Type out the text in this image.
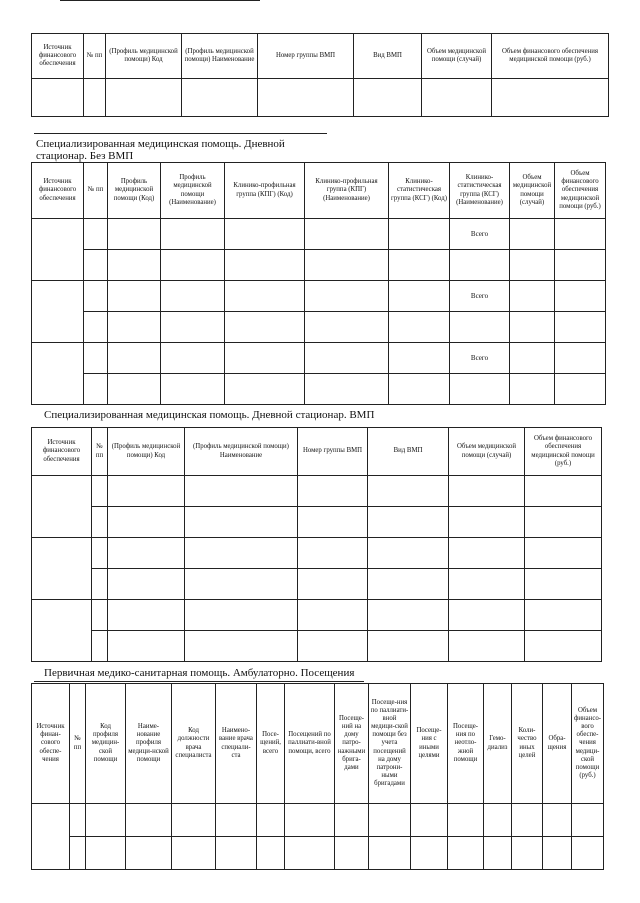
Источник финансового обеспечения	№ пп	(Профиль медицинской помощи) Код	(Профиль медицинской помощи) Наименование	Номер группы ВМП	Вид ВМП	Объем медицинской помощи (случай)	Объем финансового обеспечения медицинской помощи (руб.)

Специализированная медицинская помощь. Дневной
стационар. Без ВМП
Источник финансового обеспечения	№ пп	Профиль медицинской помощи (Код)	Профиль медицинской помощи (Наименование)	Клинико-профильная группа (КПГ) (Код)	Клинико-профильная группа (КПГ) (Наименование)	Клинико-статистическая группа (КСГ) (Код)	Клинико-статистическая группа (КСГ) (Наименование)	Объем медицинской помощи (случай)	Объем финансового обеспечения медицинской помощи (руб.)
							Всего		

							Всего		

							Всего		

Специализированная медицинская помощь. Дневной стационар. ВМП
Источник финансового обеспечения	№ пп	(Профиль медицинской помощи) Код	(Профиль медицинской помощи) Наименование	Номер группы ВМП	Вид ВМП	Объем медицинской помощи (случай)	Объем финансового обеспечения медицинской помощи (руб.)

Первичная медико-санитарная помощь. Амбулаторно. Посещения
Источник финан-сового обеспе-чения	№ пп	Код профиля медицин-ской помощи	Наиме-нование профиля медици-нской помощи	Код должности врача специалиста	Наимено-вание врача специали-ста	Посе-щений, всего	Посещений по паллиати-вной помощи, всего	Посеще-ний на дому патро-нажными брига-дами	Посеще-ния по паллиати-вной медици-ской помощи без учета посещений на дому патрони-ными бригадами	Посеще-ния с иными целями	Посеще-ния по неотло-жной помощи	Гемо-диализ	Коли-чество иных целей	Обра-щения	Объем финансо-вого обеспе-чения медици-ской помощи (руб.)
